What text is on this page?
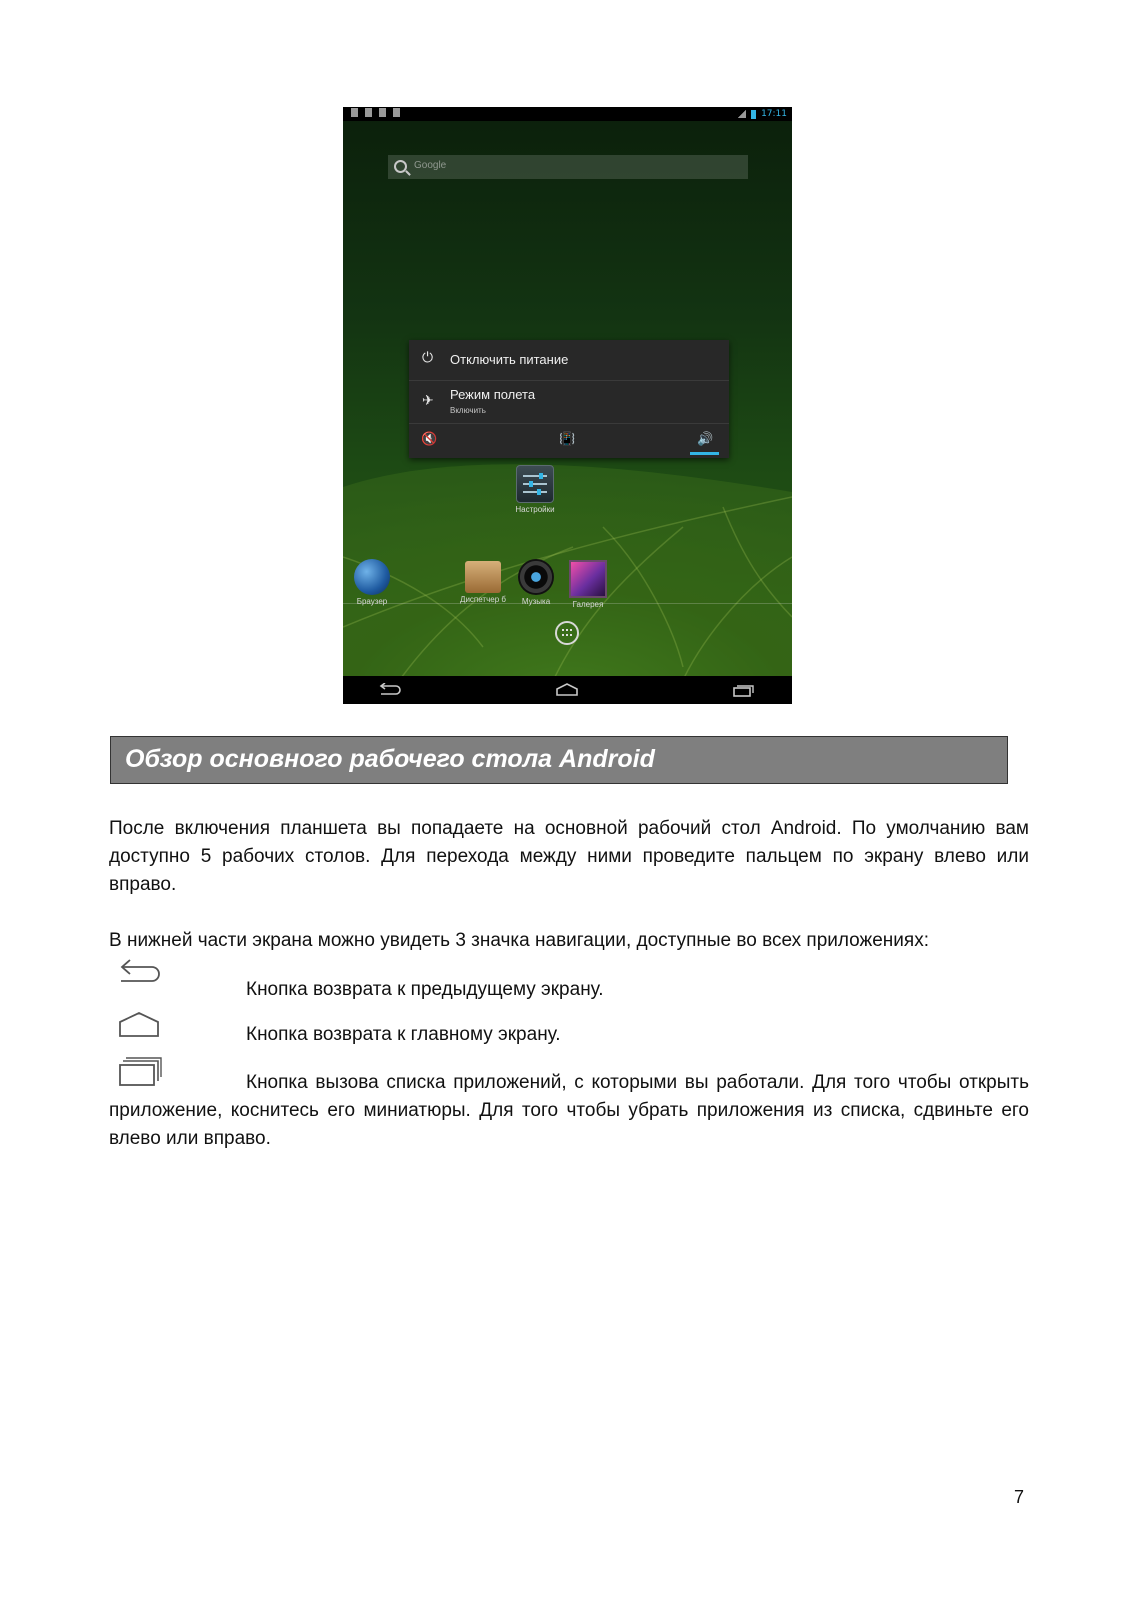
17:11
Google
⏻ Отключить питание
✈ Режим полета
Включить
🔇	📳	🔊
Настройки
Браузер	Диспетчер б	Музыка	Галерея
Обзор основного рабочего стола Android

После включения планшета вы попадаете на основной рабочий стол Android. По умолчанию вам доступно 5 рабочих столов. Для перехода между ними проведите пальцем по экрану влево или вправо.

В нижней части экрана можно увидеть 3 значка навигации, доступные во всех приложениях:

Кнопка возврата к предыдущему экрану.
Кнопка возврата к главному экрану.

Кнопка вызова списка приложений, с которыми вы работали. Для того чтобы открыть приложение, коснитесь его миниатюры. Для того чтобы убрать приложения из списка, сдвиньте его влево или вправо.

7
